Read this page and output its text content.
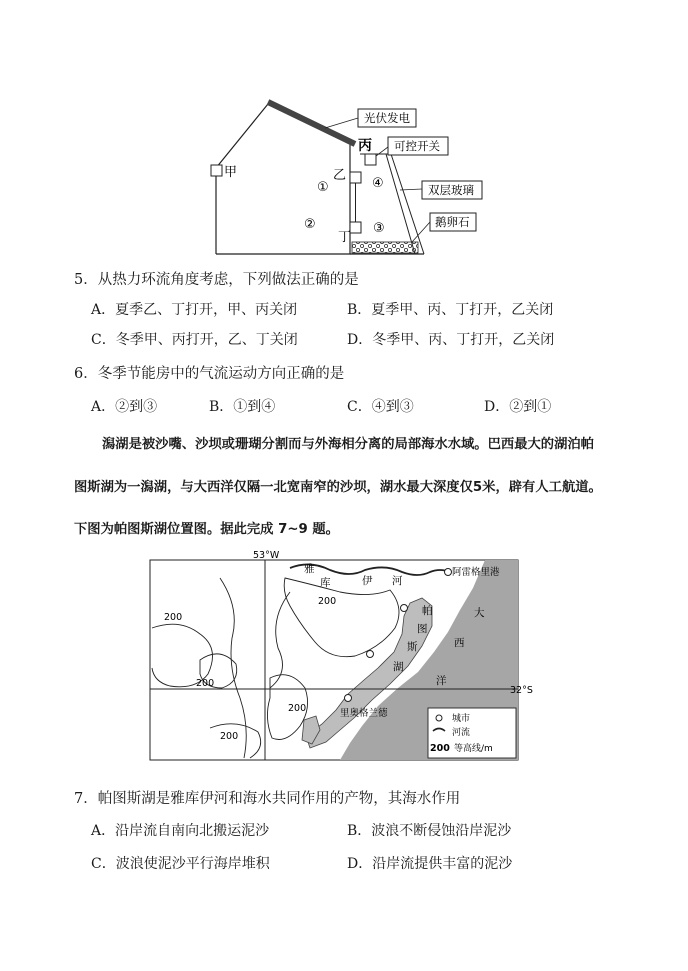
光伏发电
可控开关
双层玻璃
鹅卵石
甲	乙
丙
丁
①
②	③
④
5．从热力环流角度考虑，下列做法正确的是
A．夏季乙、丁打开，甲、丙关闭	B．夏季甲、丙、丁打开，乙关闭
C．冬季甲、丙打开，乙、丁关闭	D．冬季甲、丙、丁打开，乙关闭
6．冬季节能房中的气流运动方向正确的是
A．②到③	B．①到④	C．④到③	D．②到①
潟湖是被沙嘴、沙坝或珊瑚分割而与外海相分离的局部海水水域。巴西最大的湖泊帕
图斯湖为一潟湖，与大西洋仅隔一北宽南窄的沙坝，湖水最大深度仅5米，辟有人工航道。
下图为帕图斯湖位置图。据此完成 7~9 题。
53°W
32°S
阿雷格里港
雅
库	伊 河
帕
图
斯
湖
大
西
洋
里奥格兰德
200
200
200
200
200
城市
河流
200 等高线/m
7．帕图斯湖是雅库伊河和海水共同作用的产物，其海水作用
A．沿岸流自南向北搬运泥沙	B．波浪不断侵蚀沿岸泥沙
C．波浪使泥沙平行海岸堆积	D．沿岸流提供丰富的泥沙
